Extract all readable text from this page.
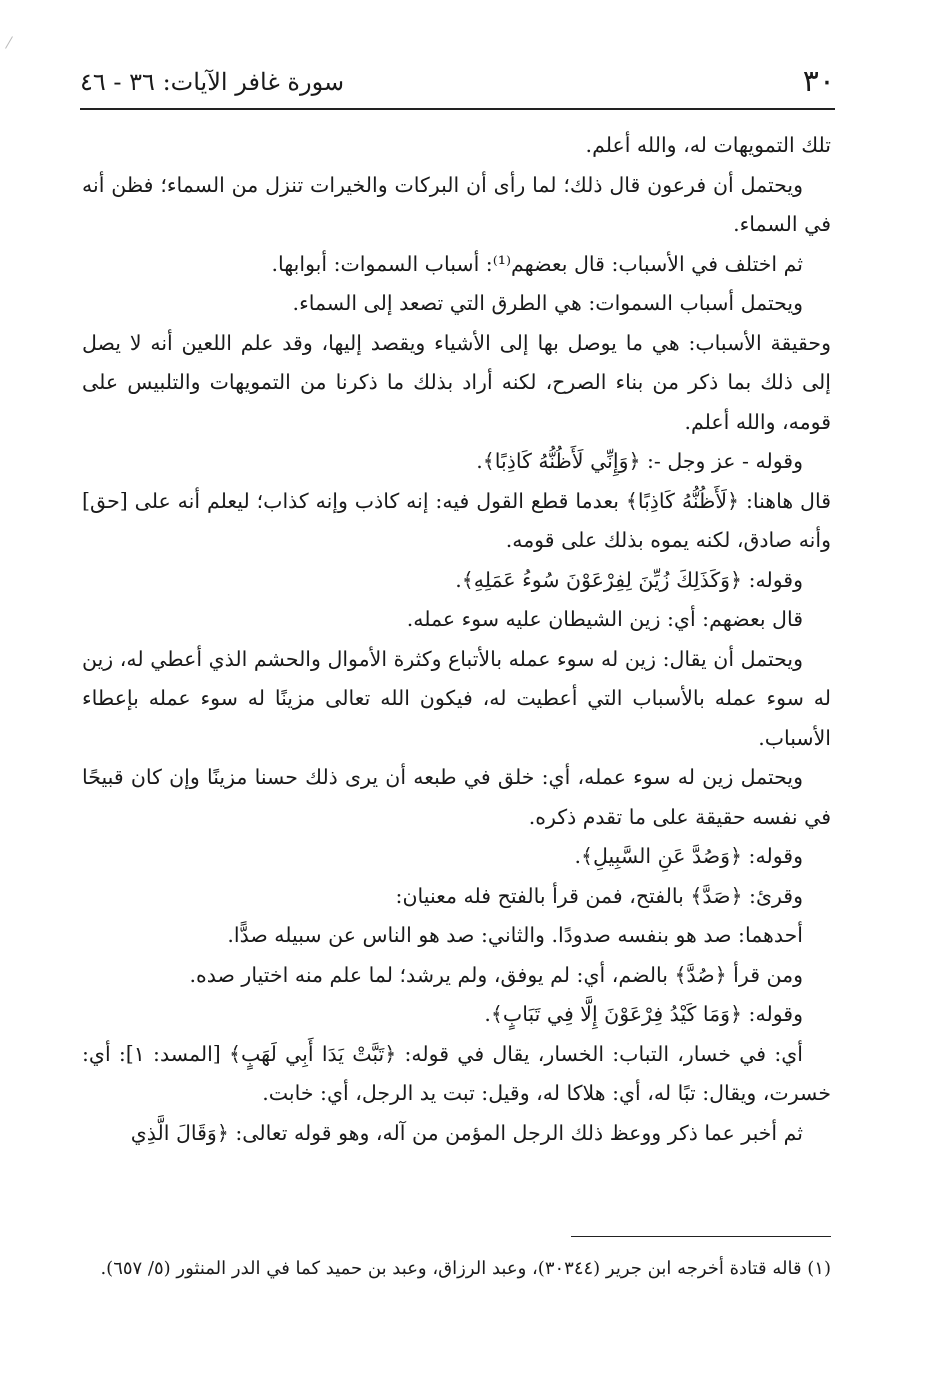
٣٠
سورة غافر الآيات: ٣٦ - ٤٦

تلك التمويهات له، والله أعلم.

ويحتمل أن فرعون قال ذلك؛ لما رأى أن البركات والخيرات تنزل من السماء؛ فظن أنه في السماء.

ثم اختلف في الأسباب: قال بعضهم⁽¹⁾: أسباب السموات: أبوابها.

ويحتمل أسباب السموات: هي الطرق التي تصعد إلى السماء.

وحقيقة الأسباب: هي ما يوصل بها إلى الأشياء ويقصد إليها، وقد علم اللعين أنه لا يصل إلى ذلك بما ذكر من بناء الصرح، لكنه أراد بذلك ما ذكرنا من التمويهات والتلبيس على قومه، والله أعلم.

وقوله - عز وجل -: ﴿وَإِنِّي لَأَظُنُّهُ كَاذِبًا﴾.

قال هاهنا: ﴿لَأَظُنُّهُ كَاذِبًا﴾ بعدما قطع القول فيه: إنه كاذب وإنه كذاب؛ ليعلم أنه على [حق] وأنه صادق، لكنه يموه بذلك على قومه.

وقوله: ﴿وَكَذَلِكَ زُيِّنَ لِفِرْعَوْنَ سُوءُ عَمَلِهِ﴾.

قال بعضهم: أي: زين الشيطان عليه سوء عمله.

ويحتمل أن يقال: زين له سوء عمله بالأتباع وكثرة الأموال والحشم الذي أعطي له، زين له سوء عمله بالأسباب التي أعطيت له، فيكون الله تعالى مزينًا له سوء عمله بإعطاء الأسباب.

ويحتمل زين له سوء عمله، أي: خلق في طبعه أن يرى ذلك حسنا مزينًا وإن كان قبيحًا في نفسه حقيقة على ما تقدم ذكره.

وقوله: ﴿وَصُدَّ عَنِ السَّبِيلِ﴾.

وقرئ: ﴿صَدَّ﴾ بالفتح، فمن قرأ بالفتح فله معنيان:

أحدهما: صد هو بنفسه صدودًا. والثاني: صد هو الناس عن سبيله صدًّا.

ومن قرأ ﴿صُدَّ﴾ بالضم، أي: لم يوفق، ولم يرشد؛ لما علم منه اختيار صده.

وقوله: ﴿وَمَا كَيْدُ فِرْعَوْنَ إِلَّا فِي تَبَابٍ﴾.

أي: في خسار، التباب: الخسار، يقال في قوله: ﴿تَبَّتْ يَدَا أَبِي لَهَبٍ﴾ [المسد: ١]: أي: خسرت، ويقال: تبًا له، أي: هلاكا له، وقيل: تبت يد الرجل، أي: خابت.

ثم أخبر عما ذكر ووعظ ذلك الرجل المؤمن من آله، وهو قوله تعالى: ﴿وَقَالَ الَّذِي

(١) قاله قتادة أخرجه ابن جرير (٣٠٣٤٤)، وعبد الرزاق، وعبد بن حميد كما في الدر المنثور (٥/ ٦٥٧).
